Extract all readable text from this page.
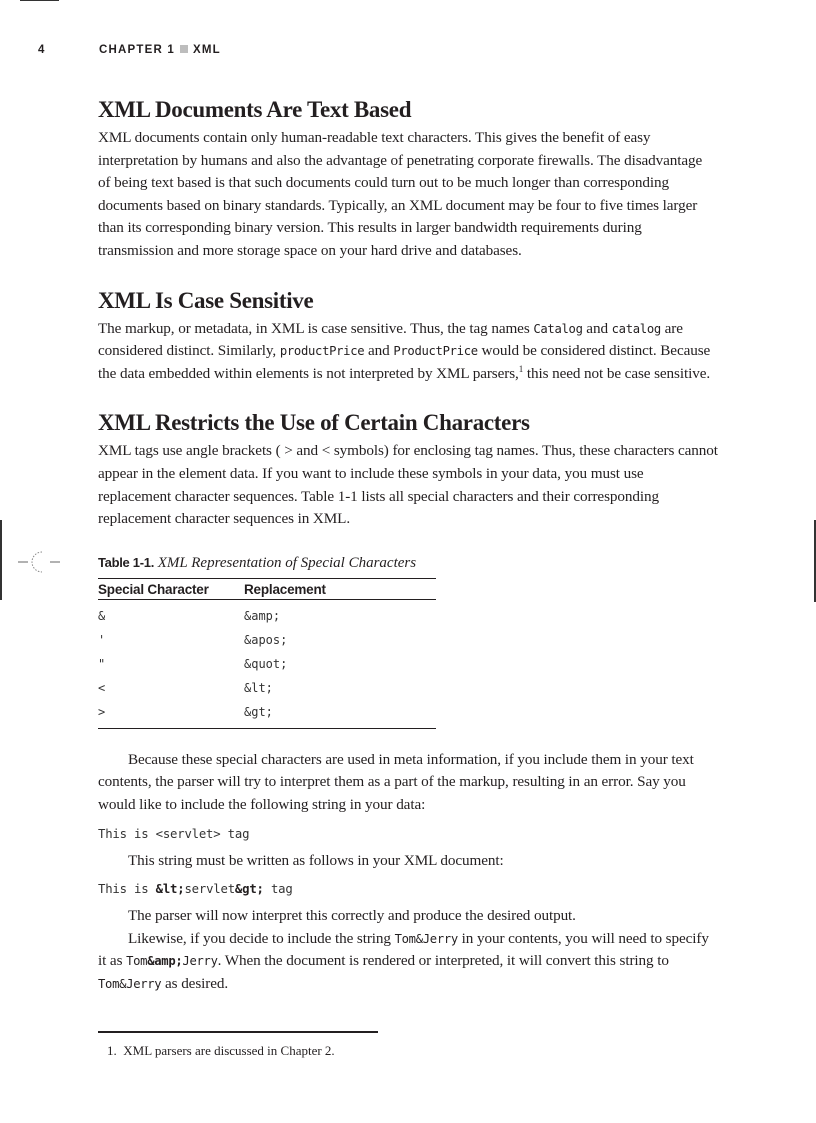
4	CHAPTER 1 XML
XML Documents Are Text Based

XML documents contain only human-readable text characters. This gives the benefit of easy interpretation by humans and also the advantage of penetrating corporate firewalls. The disadvantage of being text based is that such documents could turn out to be much longer than corresponding documents based on binary standards. Typically, an XML document may be four to five times larger than its corresponding binary version. This results in larger bandwidth requirements during transmission and more storage space on your hard drive and databases.

XML Is Case Sensitive

The markup, or metadata, in XML is case sensitive. Thus, the tag names Catalog and catalog are considered distinct. Similarly, productPrice and ProductPrice would be considered distinct. Because the data embedded within elements is not interpreted by XML parsers,$^1$ this need not be case sensitive.

XML Restricts the Use of Certain Characters

XML tags use angle brackets ( > and < symbols) for enclosing tag names. Thus, these characters cannot appear in the element data. If you want to include these symbols in your data, you must use replacement character sequences. Table 1-1 lists all special characters and their corresponding replacement character sequences in XML.

Table 1-1. XML Representation of Special Characters
Special Character	Replacement
&	&amp;
'	&apos;
"	&quot;
<	&lt;
>	&gt;

Because these special characters are used in meta information, if you include them in your text contents, the parser will try to interpret them as a part of the markup, resulting in an error. Say you would like to include the following string in your data:

This is <servlet> tag

This string must be written as follows in your XML document:

This is &lt;servlet&gt; tag

The parser will now interpret this correctly and produce the desired output.

Likewise, if you decide to include the string Tom&Jerry in your contents, you will need to specify it as Tom&amp;Jerry. When the document is rendered or interpreted, it will convert this string to Tom&Jerry as desired.

1. XML parsers are discussed in Chapter 2.
